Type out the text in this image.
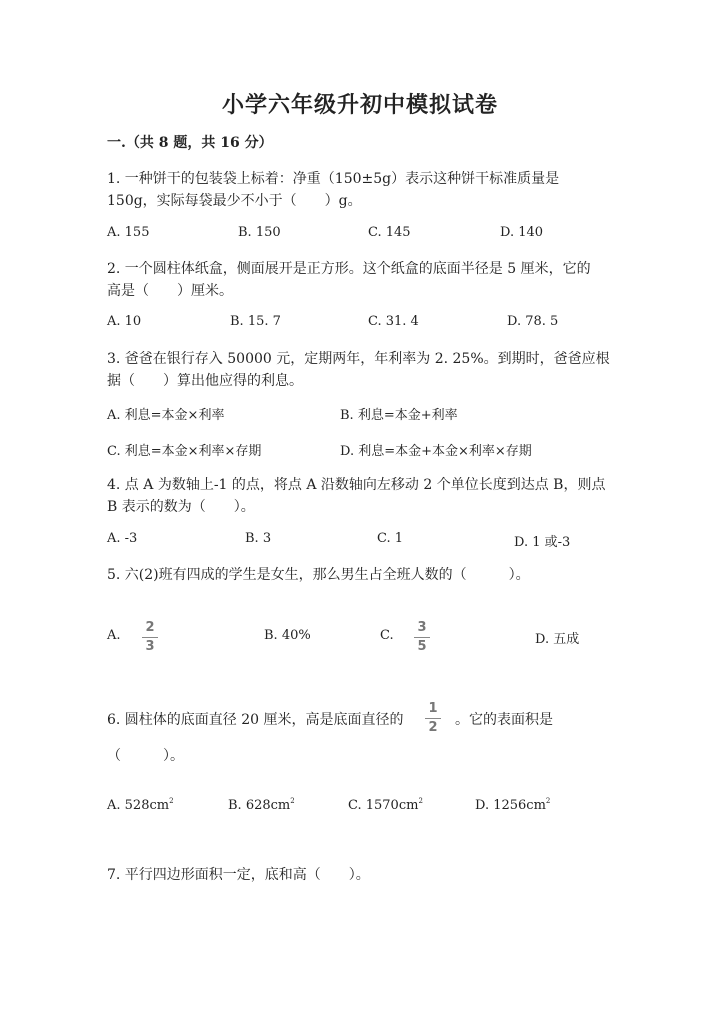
小学六年级升初中模拟试卷
一.（共 8 题，共 16 分）
1. 一种饼干的包装袋上标着：净重（150±5g）表示这种饼干标准质量是
150g，实际每袋最少不小于（　　）g。
A. 155	B. 150	C. 145	D. 140
2. 一个圆柱体纸盒，侧面展开是正方形。这个纸盒的底面半径是 5 厘米，它的
高是（　　）厘米。
A. 10	B. 15. 7	C. 31. 4	D. 78. 5
3. 爸爸在银行存入 50000 元，定期两年，年利率为 2. 25%。到期时，爸爸应根
据（　　）算出他应得的利息。
A. 利息=本金×利率	B. 利息=本金+利率
C. 利息=本金×利率×存期	D. 利息=本金+本金×利率×存期
4. 点 A 为数轴上-1 的点，将点 A 沿数轴向左移动 2 个单位长度到达点 B，则点
B 表示的数为（　　）。
A. -3	B. 3	C. 1	D. 1 或-3
5. 六(2)班有四成的学生是女生，那么男生占全班人数的（　　　）。
A.
2
3
B. 40%	C.
3
5	D. 五成
6. 圆柱体的底面直径 20 厘米，高是底面直径的
1
2 。它的表面积是
（　　　）。
A. $528cm^2$	B. $628cm^2$	C. $1570cm^2$	D. $1256cm^2$
7. 平行四边形面积一定，底和高（　　）。
